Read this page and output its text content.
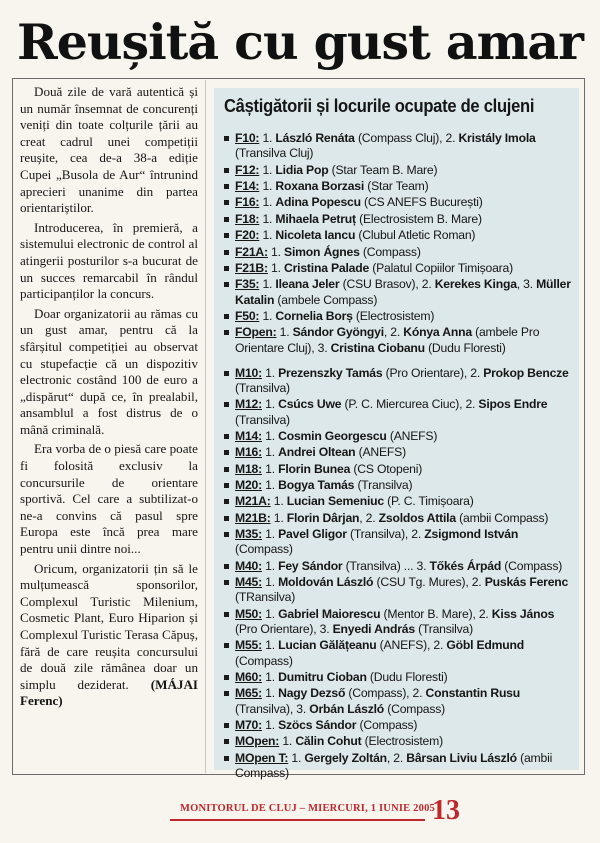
Reușită cu gust amar

Două zile de vară autentică și un număr însemnat de concurenți veniți din toate colțurile țării au creat cadrul unei competiții reușite, cea de-a 38-a ediție Cupei „Busola de Aur“ întrunind aprecieri unanime din partea orientariștilor.

Introducerea, în premieră, a sistemului electronic de control al atingerii posturilor s-a bucurat de un succes remarcabil în rândul participanților la concurs.

Doar organizatorii au rămas cu un gust amar, pentru că la sfârșitul competiției au observat cu stupefacție că un dispozitiv electronic costând 100 de euro a „dispărut“ după ce, în prealabil, ansamblul a fost distrus de o mână criminală.

Era vorba de o piesă care poate fi folosită exclusiv la concursurile de orientare sportivă. Cel care a subtilizat-o ne-a convins că pasul spre Europa este încă prea mare pentru unii dintre noi...

Oricum, organizatorii țin să le mulțumească sponsorilor, Complexul Turistic Milenium, Cosmetic Plant, Euro Hiparion și Complexul Turistic Terasa Căpuș, fără de care reușita concursului de două zile rămânea doar un simplu deziderat. (MÁJAI Ferenc)

Câștigătorii și locurile ocupate de clujeni
F10: 1. László Renáta (Compass Cluj), 2. Kristály Imola (Transilva Cluj)
F12: 1. Lidia Pop (Star Team B. Mare)
F14: 1. Roxana Borzasi (Star Team)
F16: 1. Adina Popescu (CS ANEFS București)
F18: 1. Mihaela Petruț (Electrosistem B. Mare)
F20: 1. Nicoleta Iancu (Clubul Atletic Roman)
F21A: 1. Simon Ágnes (Compass)
F21B: 1. Cristina Palade (Palatul Copiilor Timișoara)
F35: 1. Ileana Jeler (CSU Brasov), 2. Kerekes Kinga, 3. Müller Katalin (ambele Compass)
F50: 1. Cornelia Borș (Electrosistem)
FOpen: 1. Sándor Gyöngyi, 2. Kónya Anna (ambele Pro Orientare Cluj), 3. Cristina Ciobanu (Dudu Floresti)
M10: 1. Prezenszky Tamás (Pro Orientare), 2. Prokop Bencze (Transilva)
M12: 1. Csúcs Uwe (P. C. Miercurea Ciuc), 2. Sipos Endre (Transilva)
M14: 1. Cosmin Georgescu (ANEFS)
M16: 1. Andrei Oltean (ANEFS)
M18: 1. Florin Bunea (CS Otopeni)
M20: 1. Bogya Tamás (Transilva)
M21A: 1. Lucian Semeniuc (P. C. Timișoara)
M21B: 1. Florin Dârjan, 2. Zsoldos Attila (ambii Compass)
M35: 1. Pavel Gligor (Transilva), 2. Zsigmond István (Compass)
M40: 1. Fey Sándor (Transilva) ... 3. Tőkés Árpád (Compass)
M45: 1. Moldován László (CSU Tg. Mures), 2. Puskás Ferenc (TRansilva)
M50: 1. Gabriel Maiorescu (Mentor B. Mare), 2. Kiss János (Pro Orientare), 3. Enyedi András (Transilva)
M55: 1. Lucian Gălățeanu (ANEFS), 2. Göbl Edmund (Compass)
M60: 1. Dumitru Cioban (Dudu Floresti)
M65: 1. Nagy Dezső (Compass), 2. Constantin Rusu (Transilva), 3. Orbán László (Compass)
M70: 1. Szöcs Sándor (Compass)
MOpen: 1. Călin Cohut (Electrosistem)
MOpen T: 1. Gergely Zoltán, 2. Bârsan Liviu László (ambii Compass)
MONITORUL DE CLUJ – MIERCURI, 1 IUNIE 2005
13
